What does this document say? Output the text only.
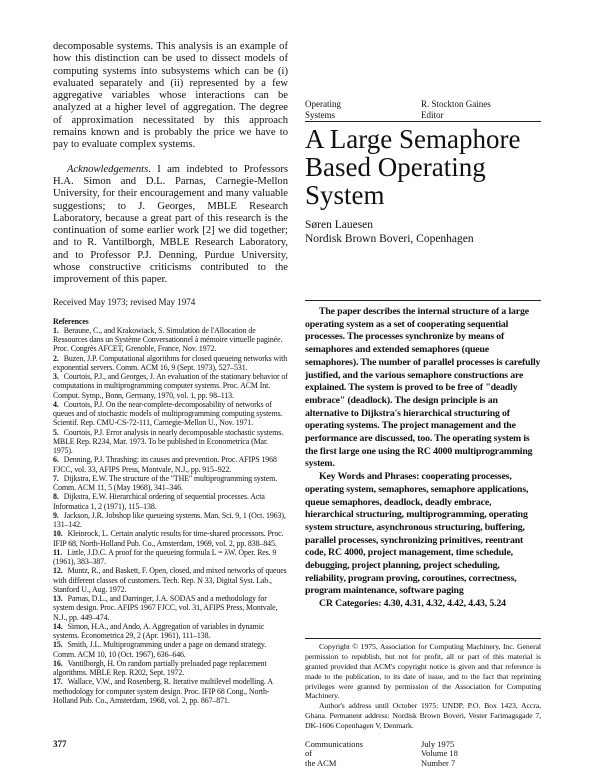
decomposable systems. This analysis is an example of how this distinction can be used to dissect models of computing systems into subsystems which can be (i) evaluated separately and (ii) represented by a few aggregative variables whose interactions can be analyzed at a higher level of aggregation. The degree of approximation necessitated by this approach remains known and is probably the price we have to pay to evaluate complex systems.

Acknowledgements. I am indebted to Professors H.A. Simon and D.L. Parnas, Carnegie-Mellon University, for their encouragement and many valuable suggestions; to J. Georges, MBLE Research Laboratory, because a great part of this research is the continuation of some earlier work [2] we did together; and to R. Vantilborgh, MBLE Research Laboratory, and to Professor P.J. Denning, Purdue University, whose constructive criticisms contributed to the improvement of this paper.
Received May 1973; revised May 1974
References
1. Beraune, C., and Krakowiack, S. Simulation de l'Allocation de Ressources dans un Système Conversationnel à mémoire virtuelle paginée. Proc. Congrès AFCET, Grenoble, France, Nov. 1972.
2. Buzen, J.P. Computational algorithms for closed queueing networks with exponential servers. Comm. ACM 16, 9 (Sept. 1973), 527–531.
3. Courtois, P.J., and Georges, J. An evaluation of the stationary behavior of computations in multiprogramming computer systems. Proc. ACM Int. Comput. Symp., Bonn, Germany, 1970, vol. 1, pp. 98–113.
4. Courtois, P.J. On the near-complete-decomposability of networks of queues and of stochastic models of multiprogramming computing systems. Scientif. Rep. CMU-CS-72-111, Carnegie-Mellon U., Nov. 1971.
5. Courtois, P.J. Error analysis in nearly decomposable stochastic systems. MBLE Rep. R234, Mar. 1973. To be published in Econometrica (Mar. 1975).
6. Denning, P.J. Thrashing: its causes and prevention. Proc. AFIPS 1968 FJCC, vol. 33, AFIPS Press, Montvale, N.J., pp. 915–922.
7. Dijkstra, E.W. The structure of the "THE" multiprogramming system. Comm. ACM 11, 5 (May 1968), 341–346.
8. Dijkstra, E.W. Hierarchical ordering of sequential processes. Acta Informatica 1, 2 (1971), 115–138.
9. Jackson, J.R. Jobshop like queueing systems. Man. Sci. 9, 1 (Oct. 1963), 131–142.
10. Kleinrock, L. Certain analytic results for time-shared processors. Proc. IFIP 68, North-Holland Pub. Co., Amsterdam, 1969, vol. 2, pp. 838–845.
11. Little, J.D.C. A proof for the queueing formula L = λW. Oper. Res. 9 (1961), 383–387.
12. Muntz, R., and Baskett, F. Open, closed, and mixed networks of queues with different classes of customers. Tech. Rep. N 33, Digital Syst. Lab., Stanford U., Aug. 1972.
13. Parnas, D.L., and Darringer, J.A. SODAS and a methodology for system design. Proc. AFIPS 1967 FJCC, vol. 31, AFIPS Press, Montvale, N.J., pp. 449–474.
14. Simon, H.A., and Ando, A. Aggregation of variables in dynamic systems. Econometrica 29, 2 (Apr. 1961), 111–138.
15. Smith, J.L. Multiprogramming under a page on demand strategy. Comm. ACM 10, 10 (Oct. 1967), 636–646.
16. Vantilborgh, H. On random partially preloaded page replacement algorithms. MBLE Rep. R202, Sept. 1972.
17. Wallace, V.W., and Rosenberg, R. Iterative multilevel modelling. A methodology for computer system design. Proc. IFIP 68 Cong., North-Holland Pub. Co., Amsterdam, 1968, vol. 2, pp. 867–871.
377
Operating
Systems
R. Stockton Gaines
Editor
A Large Semaphore
Based Operating
System
Søren Lauesen
Nordisk Brown Boveri, Copenhagen

The paper describes the internal structure of a large operating system as a set of cooperating sequential processes. The processes synchronize by means of semaphores and extended semaphores (queue semaphores). The number of parallel processes is carefully justified, and the various semaphore constructions are explained. The system is proved to be free of "deadly embrace" (deadlock). The design principle is an alternative to Dijkstra's hierarchical structuring of operating systems. The project management and the performance are discussed, too. The operating system is the first large one using the RC 4000 multiprogramming system.

Key Words and Phrases: cooperating processes, operating system, semaphores, semaphore applications, queue semaphores, deadlock, deadly embrace, hierarchical structuring, multiprogramming, operating system structure, asynchronous structuring, buffering, parallel processes, synchronizing primitives, reentrant code, RC 4000, project management, time schedule, debugging, project planning, project scheduling, reliability, program proving, coroutines, correctness, program maintenance, software paging

CR Categories: 4.30, 4.31, 4.32, 4.42, 4.43, 5.24

Copyright © 1975, Association for Computing Machinery, Inc. General permission to republish, but not for profit, all or part of this material is granted provided that ACM's copyright notice is given and that reference is made to the publication, to its date of issue, and to the fact that reprinting privileges were granted by permission of the Association for Computing Machinery.

Author's address until October 1975: UNDP, P.O. Box 1423, Accra, Ghana. Permanent address: Nordisk Brown Boveri, Vester Farimagsgade 7, DK-1606 Copenhagen V, Denmark.

Communications
of
the ACM
July 1975
Volume 18
Number 7
